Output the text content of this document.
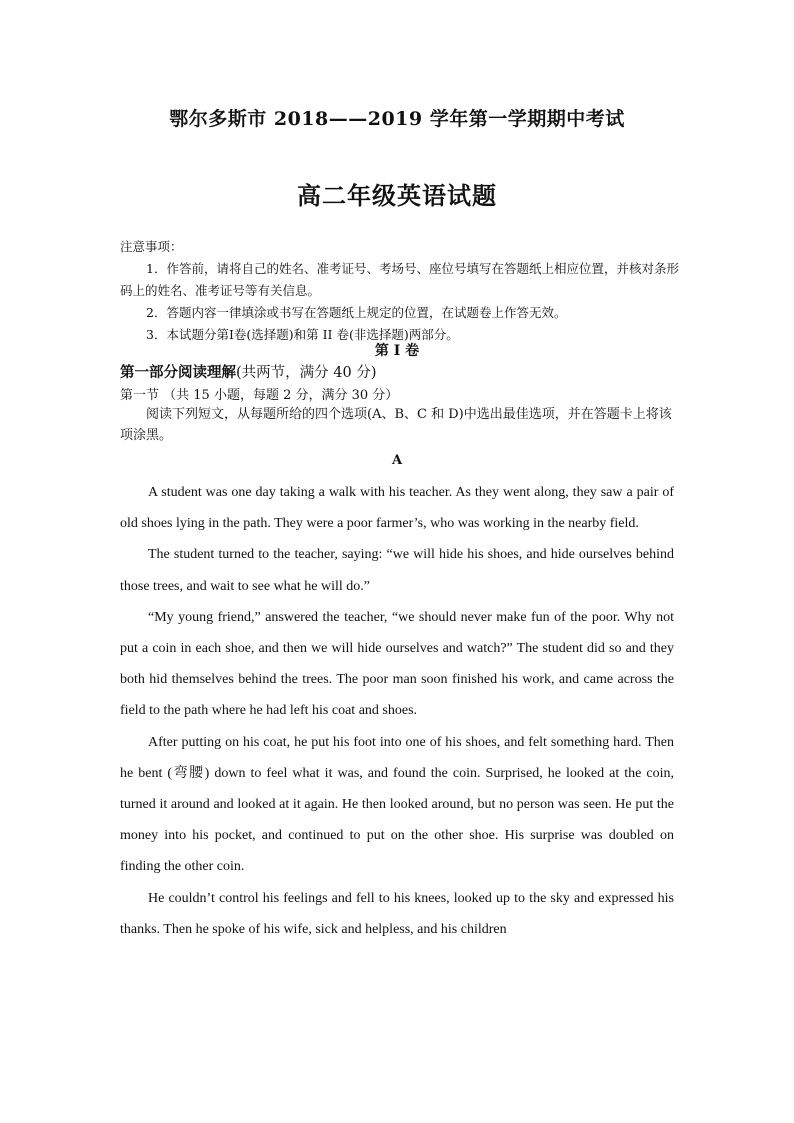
鄂尔多斯市 2018——2019 学年第一学期期中考试
高二年级英语试题

注意事项：

1．作答前，请将自己的姓名、准考证号、考场号、座位号填写在答题纸上相应位置，并核对条形码上的姓名、准考证号等有关信息。

2．答题内容一律填涂或书写在答题纸上规定的位置，在试题卷上作答无效。

3．本试题分第Ⅰ卷(选择题)和第 II 卷(非选择题)两部分。

第 I 卷
第一部分阅读理解(共两节，满分 40 分)
第一节 （共 15 小题，每题 2 分，满分 30 分）
阅读下列短文，从每题所给的四个选项(A、B、C 和 D)中选出最佳选项，并在答题卡上将该项涂黑。
A

A student was one day taking a walk with his teacher. As they went along, they saw a pair of old shoes lying in the path. They were a poor farmer’s, who was working in the nearby field.

The student turned to the teacher, saying: “we will hide his shoes, and hide ourselves behind those trees, and wait to see what he will do.”

“My young friend,” answered the teacher, “we should never make fun of the poor. Why not put a coin in each shoe, and then we will hide ourselves and watch?” The student did so and they both hid themselves behind the trees. The poor man soon finished his work, and came across the field to the path where he had left his coat and shoes.

After putting on his coat, he put his foot into one of his shoes, and felt something hard. Then he bent (弯腰) down to feel what it was, and found the coin. Surprised, he looked at the coin, turned it around and looked at it again. He then looked around, but no person was seen. He put the money into his pocket, and continued to put on the other shoe. His surprise was doubled on finding the other coin.

He couldn’t control his feelings and fell to his knees, looked up to the sky and expressed his thanks. Then he spoke of his wife, sick and helpless, and his children
